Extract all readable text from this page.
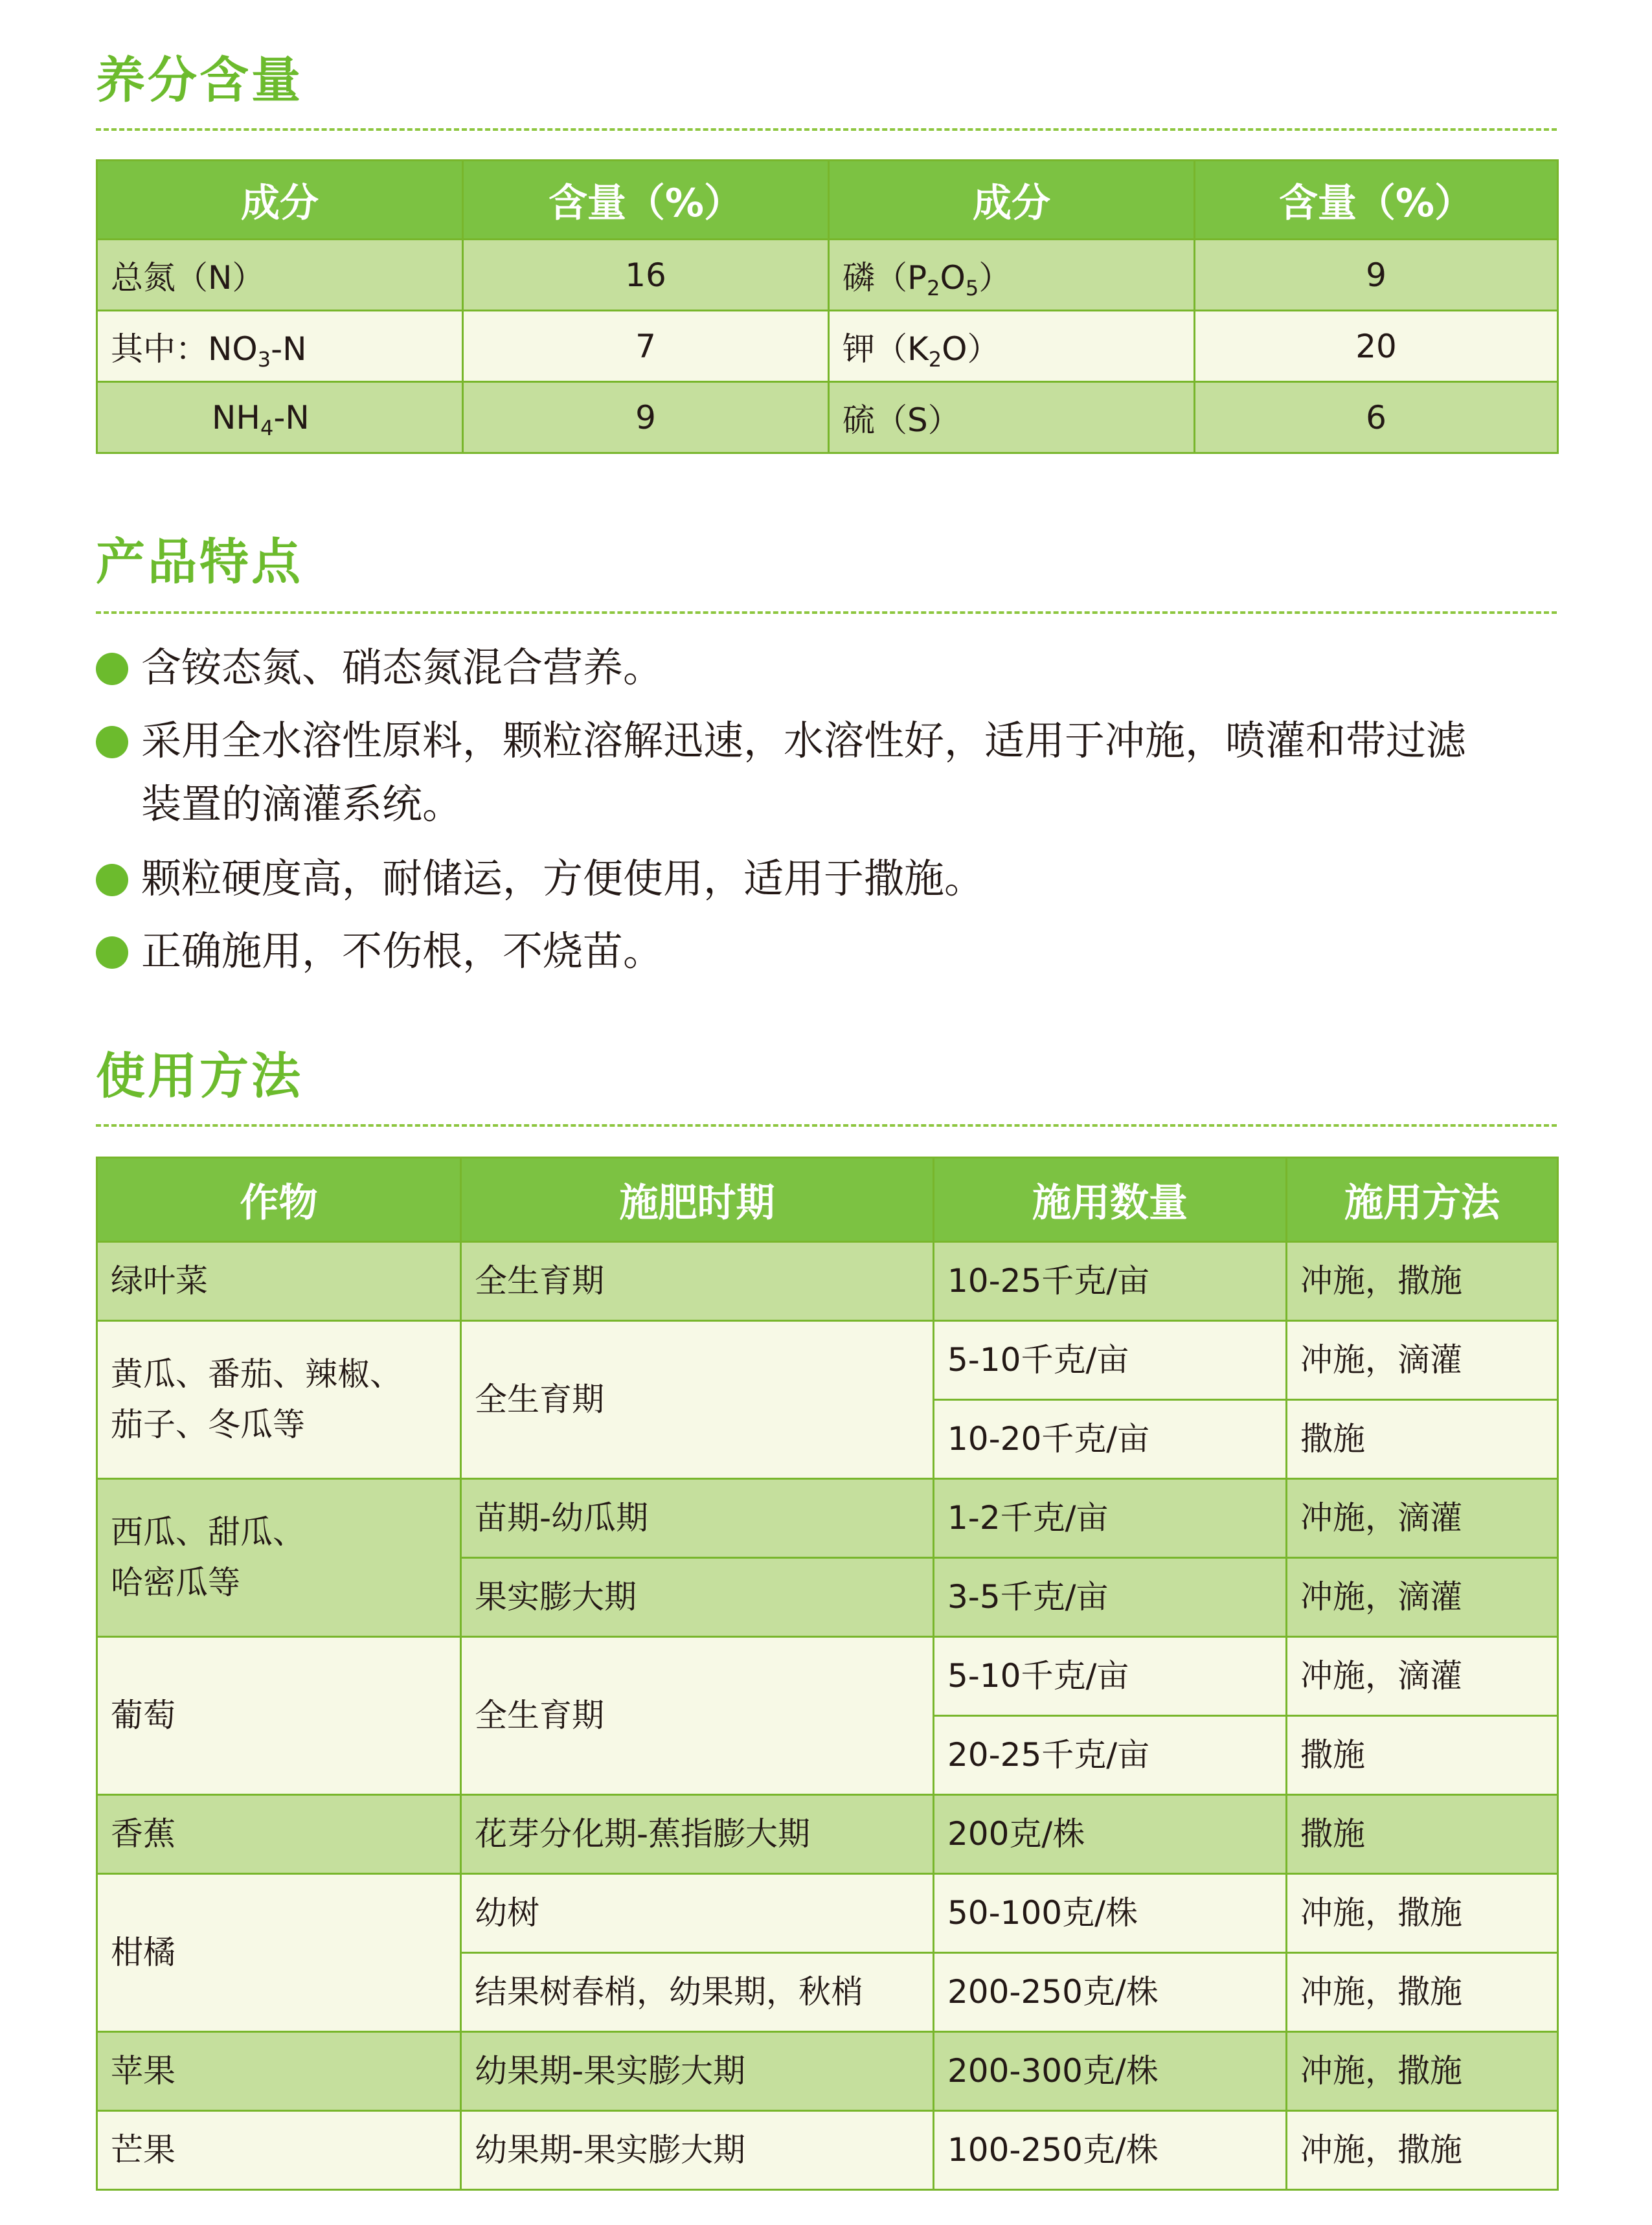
养分含量
成分	含量（%）	成分	含量（%）
总氮（N）	16	磷$(P_2O_5)$	9
其中：$NO_3-N$	7	钾$(K_2O)$	20
$NH_4-N$	9	硫（S）	6
产品特点
含铵态氮、硝态氮混合营养。
采用全水溶性原料，颗粒溶解迅速，水溶性好，适用于冲施，喷灌和带过滤
装置的滴灌系统。
颗粒硬度高，耐储运，方便使用，适用于撒施。
正确施用，不伤根，不烧苗。
使用方法
作物	施肥时期	施用数量	施用方法
绿叶菜	全生育期	10-25千克/亩	冲施，撒施

黄瓜、番茄、辣椒、
茄子、冬瓜等	全生育期	5-10千克/亩	冲施，滴灌
		10-20千克/亩	撒施

西瓜、甜瓜、
哈密瓜等	苗期-幼瓜期	1-2千克/亩	冲施，滴灌
	果实膨大期	3-5千克/亩	冲施，滴灌
葡萄	全生育期	5-10千克/亩	冲施，滴灌
		20-25千克/亩	撒施
香蕉	花芽分化期-蕉指膨大期	200克/株	撒施
柑橘	幼树	50-100克/株	冲施，撒施
	结果树春梢，幼果期，秋梢	200-250克/株	冲施，撒施
苹果	幼果期-果实膨大期	200-300克/株	冲施，撒施
芒果	幼果期-果实膨大期	100-250克/株	冲施，撒施
